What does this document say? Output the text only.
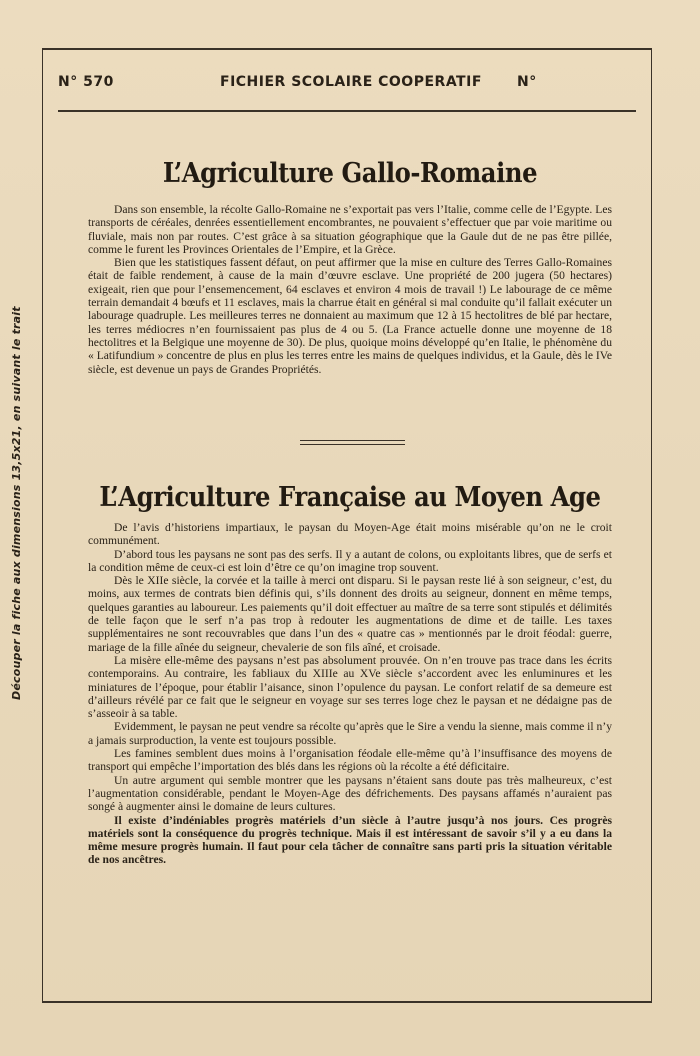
Découper la fiche aux dimensions 13,5x21, en suivant le trait
N° 570	FICHIER SCOLAIRE COOPERATIF	N°
L’Agriculture Gallo-Romaine

Dans son ensemble, la récolte Gallo-Romaine ne s’exportait pas vers l’Italie, comme celle de l’Egypte. Les transports de céréales, denrées essentiellement encombrantes, ne pouvaient s’effectuer que par voie maritime ou fluviale, mais non par routes. C’est grâce à sa situation géographique que la Gaule dut de ne pas être pillée, comme le furent les Provinces Orientales de l’Empire, et la Grèce.

Bien que les statistiques fassent défaut, on peut affirmer que la mise en culture des Terres Gallo-Romaines était de faible rendement, à cause de la main d’œuvre esclave. Une propriété de 200 jugera (50 hectares) exigeait, rien que pour l’ensemencement, 64 esclaves et environ 4 mois de travail !) Le labourage de ce même terrain demandait 4 bœufs et 11 esclaves, mais la charrue était en général si mal conduite qu’il fallait exécuter un labourage quadruple. Les meilleures terres ne donnaient au maximum que 12 à 15 hectolitres de blé par hectare, les terres médiocres n’en fournissaient pas plus de 4 ou 5. (La France actuelle donne une moyenne de 18 hectolitres et la Belgique une moyenne de 30). De plus, quoique moins développé qu’en Italie, le phénomène du « Latifundium » concentre de plus en plus les terres entre les mains de quelques individus, et la Gaule, dès le IVe siècle, est devenue un pays de Grandes Propriétés.

L’Agriculture Française au Moyen Age

De l’avis d’historiens impartiaux, le paysan du Moyen-Age était moins misérable qu’on ne le croit communément.

D’abord tous les paysans ne sont pas des serfs. Il y a autant de colons, ou exploitants libres, que de serfs et la condition même de ceux-ci est loin d’être ce qu’on imagine trop souvent.

Dès le XIIe siècle, la corvée et la taille à merci ont disparu. Si le paysan reste lié à son seigneur, c’est, du moins, aux termes de contrats bien définis qui, s’ils donnent des droits au seigneur, donnent en même temps, quelques garanties au laboureur. Les paiements qu’il doit effectuer au maître de sa terre sont stipulés et délimités de telle façon que le serf n’a pas trop à redouter les augmentations de dime et de taille. Les taxes supplémentaires ne sont recouvrables que dans l’un des « quatre cas » mentionnés par le droit féodal: guerre, mariage de la fille aînée du seigneur, chevalerie de son fils aîné, et croisade.

La misère elle-même des paysans n’est pas absolument prouvée. On n’en trouve pas trace dans les écrits contemporains. Au contraire, les fabliaux du XIIIe au XVe siècle s’accordent avec les enluminures et les miniatures de l’époque, pour établir l’aisance, sinon l’opulence du paysan. Le confort relatif de sa demeure est d’ailleurs révélé par ce fait que le seigneur en voyage sur ses terres loge chez le paysan et ne dédaigne pas de s’asseoir à sa table.

Evidemment, le paysan ne peut vendre sa récolte qu’après que le Sire a vendu la sienne, mais comme il n’y a jamais surproduction, la vente est toujours possible.

Les famines semblent dues moins à l’organisation féodale elle-même qu’à l’insuffisance des moyens de transport qui empêche l’importation des blés dans les régions où la récolte a été déficitaire.

Un autre argument qui semble montrer que les paysans n’étaient sans doute pas très malheureux, c’est l’augmentation considérable, pendant le Moyen-Age des défrichements. Des paysans affamés n’auraient pas songé à augmenter ainsi le domaine de leurs cultures.

Il existe d’indéniables progrès matériels d’un siècle à l’autre jusqu’à nos jours. Ces progrès matériels sont la conséquence du progrès technique. Mais il est intéressant de savoir s’il y a eu dans la même mesure progrès humain. Il faut pour cela tâcher de connaître sans parti pris la situation véritable de nos ancêtres.
